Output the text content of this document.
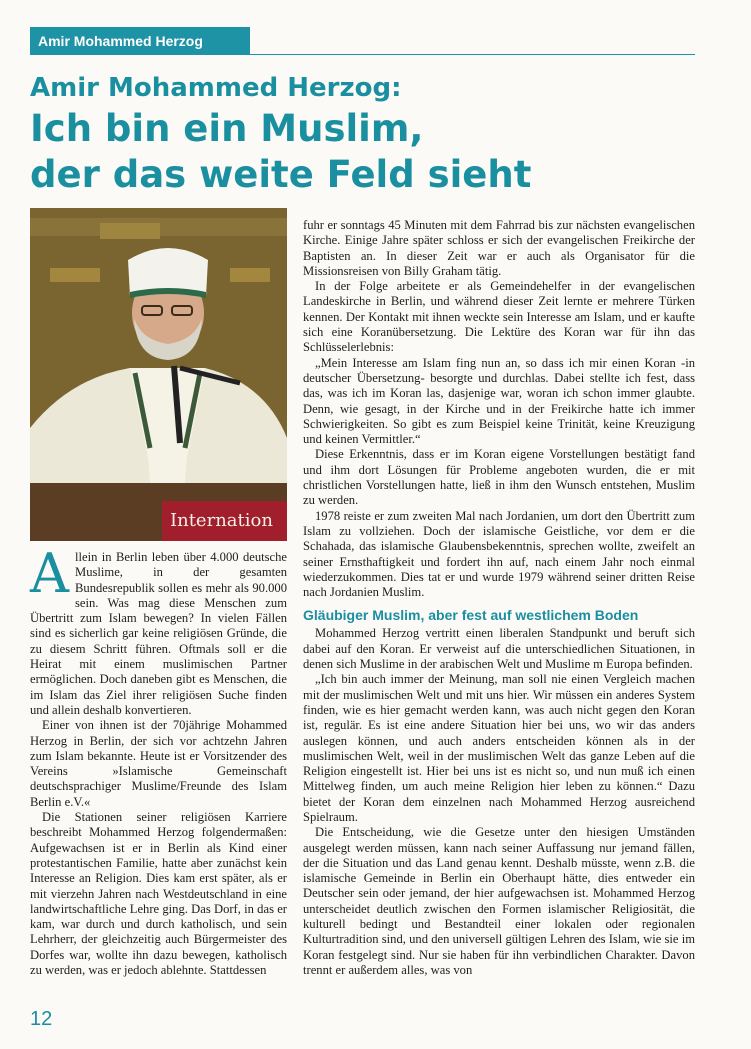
Amir Mohammed Herzog
Amir Mohammed Herzog:
Ich bin ein Muslim,
der das weite Feld sieht
Internation

Allein in Berlin leben über 4.000 deutsche Muslime, in der gesamten Bundesrepublik sollen es mehr als 90.000 sein. Was mag diese Menschen zum Übertritt zum Islam bewegen? In vielen Fällen sind es sicherlich gar keine religiösen Gründe, die zu diesem Schritt führen. Oftmals soll er die Heirat mit einem muslimischen Partner ermöglichen. Doch daneben gibt es Menschen, die im Islam das Ziel ihrer religiösen Suche finden und allein deshalb konvertieren.

Einer von ihnen ist der 70jährige Mohammed Herzog in Berlin, der sich vor achtzehn Jahren zum Islam bekannte. Heute ist er Vorsitzender des Vereins »Islamische Gemeinschaft deutschsprachiger Muslime/Freunde des Islam Berlin e.V.«

Die Stationen seiner religiösen Karriere beschreibt Mohammed Herzog folgendermaßen: Aufgewachsen ist er in Berlin als Kind einer protestantischen Familie, hatte aber zunächst kein Interesse an Religion. Dies kam erst später, als er mit vierzehn Jahren nach Westdeutschland in eine landwirtschaftliche Lehre ging. Das Dorf, in das er kam, war durch und durch katholisch, und sein Lehrherr, der gleichzeitig auch Bürgermeister des Dorfes war, wollte ihn dazu bewegen, katholisch zu werden, was er jedoch ablehnte. Stattdessen

fuhr er sonntags 45 Minuten mit dem Fahrrad bis zur nächsten evangelischen Kirche. Einige Jahre später schloss er sich der evangelischen Freikirche der Baptisten an. In dieser Zeit war er auch als Organisator für die Missionsreisen von Billy Graham tätig.

In der Folge arbeitete er als Gemeindehelfer in der evangelischen Landeskirche in Berlin, und während dieser Zeit lernte er mehrere Türken kennen. Der Kontakt mit ihnen weckte sein Interesse am Islam, und er kaufte sich eine Koranübersetzung. Die Lektüre des Koran war für ihn das Schlüsselerlebnis:

„Mein Interesse am Islam fing nun an, so dass ich mir einen Koran -in deutscher Übersetzung- besorgte und durchlas. Dabei stellte ich fest, dass das, was ich im Koran las, dasjenige war, woran ich schon immer glaubte. Denn, wie gesagt, in der Kirche und in der Freikirche hatte ich immer Schwierigkeiten. So gibt es zum Beispiel keine Trinität, keine Kreuzigung und keinen Vermittler.“

Diese Erkenntnis, dass er im Koran eigene Vorstellungen bestätigt fand und ihm dort Lösungen für Probleme angeboten wurden, die er mit christlichen Vorstellungen hatte, ließ in ihm den Wunsch entstehen, Muslim zu werden.

1978 reiste er zum zweiten Mal nach Jordanien, um dort den Übertritt zum Islam zu vollziehen. Doch der islamische Geistliche, vor dem er die Schahada, das islamische Glaubensbekenntnis, sprechen wollte, zweifelt an seiner Ernsthaftigkeit und fordert ihn auf, nach einem Jahr noch einmal wiederzukommen. Dies tat er und wurde 1979 während seiner dritten Reise nach Jordanien Muslim.

Gläubiger Muslim, aber fest auf westlichem Boden

Mohammed Herzog vertritt einen liberalen Standpunkt und beruft sich dabei auf den Koran. Er verweist auf die unterschiedlichen Situationen, in denen sich Muslime in der arabischen Welt und Muslime m Europa befinden.

„Ich bin auch immer der Meinung, man soll nie einen Vergleich machen mit der muslimischen Welt und mit uns hier. Wir müssen ein anderes System finden, wie es hier gemacht werden kann, was auch nicht gegen den Koran ist, regulär. Es ist eine andere Situation hier bei uns, wo wir das anders auslegen können, und auch anders entscheiden können als in der muslimischen Welt, weil in der muslimischen Welt das ganze Leben auf die Religion eingestellt ist. Hier bei uns ist es nicht so, und nun muß ich einen Mittelweg finden, um auch meine Religion hier leben zu können.“ Dazu bietet der Koran dem einzelnen nach Mohammed Herzog ausreichend Spielraum.

Die Entscheidung, wie die Gesetze unter den hiesigen Umständen ausgelegt werden müssen, kann nach seiner Auffassung nur jemand fällen, der die Situation und das Land genau kennt. Deshalb müsste, wenn z.B. die islamische Gemeinde in Berlin ein Oberhaupt hätte, dies entweder ein Deutscher sein oder jemand, der hier aufgewachsen ist. Mohammed Herzog unterscheidet deutlich zwischen den Formen islamischer Religiosität, die kulturell bedingt und Bestandteil einer lokalen oder regionalen Kulturtradition sind, und den universell gültigen Lehren des Islam, wie sie im Koran festgelegt sind. Nur sie haben für ihn verbindlichen Charakter. Davon trennt er außerdem alles, was von

12
